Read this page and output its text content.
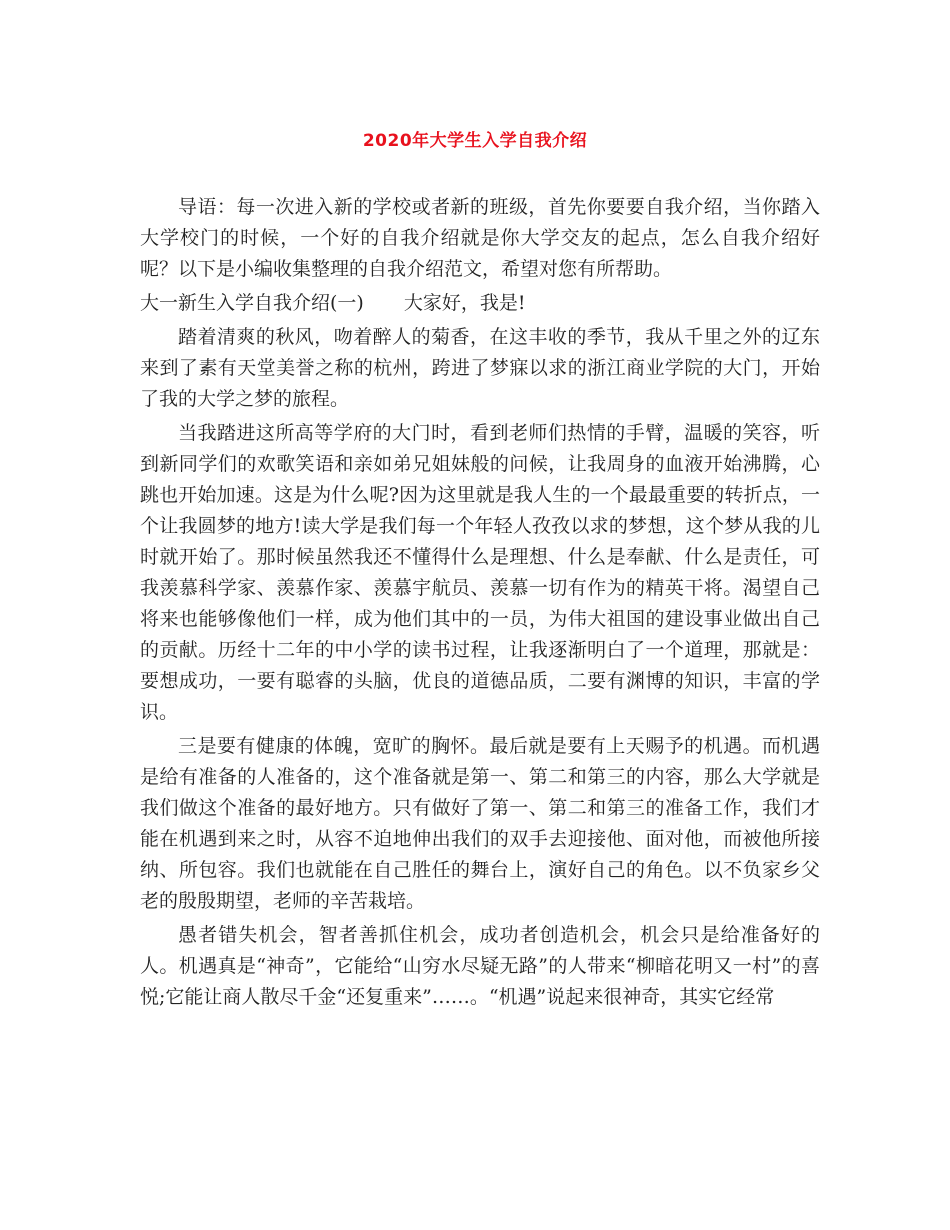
2020年大学生入学自我介绍

导语：每一次进入新的学校或者新的班级，首先你要要自我介绍，当你踏入大学校门的时候，一个好的自我介绍就是你大学交友的起点，怎么自我介绍好呢？以下是小编收集整理的自我介绍范文，希望对您有所帮助。

大一新生入学自我介绍(一) 大家好，我是!

踏着清爽的秋风，吻着醉人的菊香，在这丰收的季节，我从千里之外的辽东来到了素有天堂美誉之称的杭州，跨进了梦寐以求的浙江商业学院的大门，开始了我的大学之梦的旅程。

当我踏进这所高等学府的大门时，看到老师们热情的手臂，温暖的笑容，听到新同学们的欢歌笑语和亲如弟兄姐妹般的问候，让我周身的血液开始沸腾，心跳也开始加速。这是为什么呢?因为这里就是我人生的一个最最重要的转折点，一个让我圆梦的地方!读大学是我们每一个年轻人孜孜以求的梦想，这个梦从我的儿时就开始了。那时候虽然我还不懂得什么是理想、什么是奉献、什么是责任，可我羡慕科学家、羡慕作家、羡慕宇航员、羡慕一切有作为的精英干将。渴望自己将来也能够像他们一样，成为他们其中的一员，为伟大祖国的建设事业做出自己的贡献。历经十二年的中小学的读书过程，让我逐渐明白了一个道理，那就是：要想成功，一要有聪睿的头脑，优良的道德品质，二要有渊博的知识，丰富的学识。

三是要有健康的体魄，宽旷的胸怀。最后就是要有上天赐予的机遇。而机遇是给有准备的人准备的，这个准备就是第一、第二和第三的内容，那么大学就是我们做这个准备的最好地方。只有做好了第一、第二和第三的准备工作，我们才能在机遇到来之时，从容不迫地伸出我们的双手去迎接他、面对他，而被他所接纳、所包容。我们也就能在自己胜任的舞台上，演好自己的角色。以不负家乡父老的殷殷期望，老师的辛苦栽培。

愚者错失机会，智者善抓住机会，成功者创造机会，机会只是给准备好的人。机遇真是“神奇”，它能给“山穷水尽疑无路”的人带来“柳暗花明又一村”的喜悦;它能让商人散尽千金“还复重来”……。“机遇”说起来很神奇，其实它经常
